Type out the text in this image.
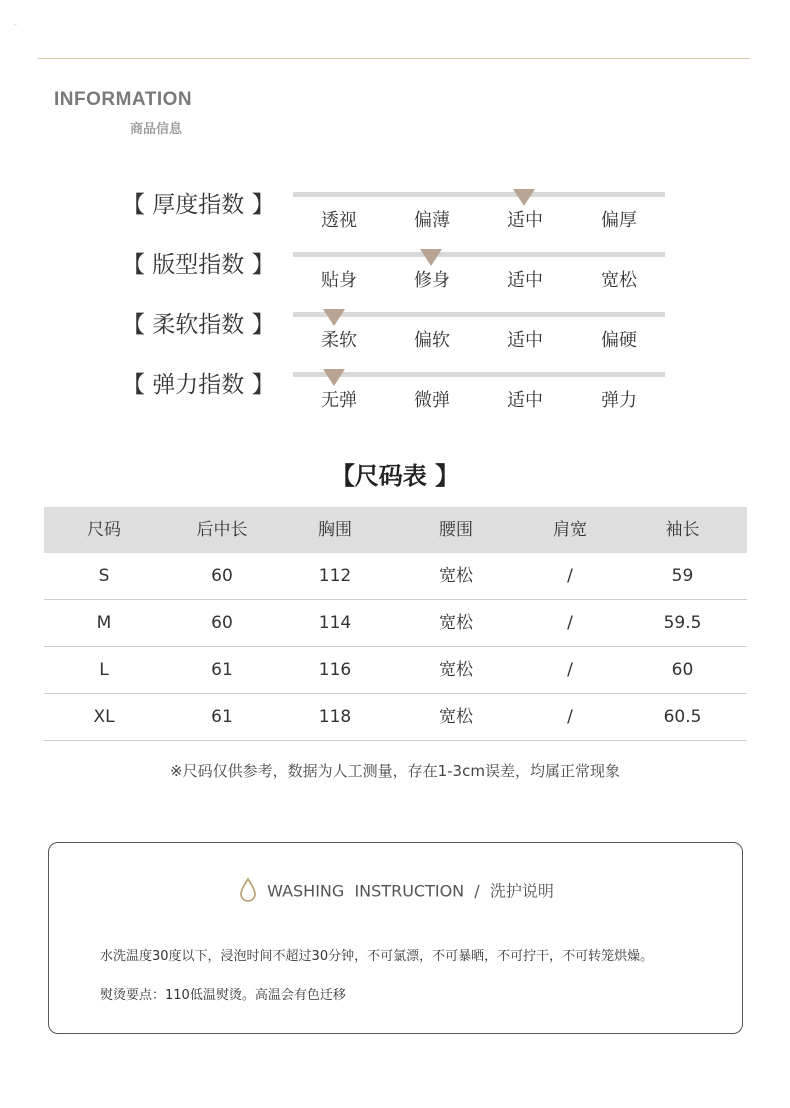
-
INFORMATION
商品信息
【 厚度指数 】
透视	偏薄	适中	偏厚
【 版型指数 】
贴身	修身	适中	宽松
【 柔软指数 】
柔软	偏软	适中	偏硬
【 弹力指数 】
无弹	微弹	适中	弹力
【尺码表 】
尺码	后中长	胸围	腰围	肩宽	袖长
S	60	112	宽松	/	59
M	60	114	宽松	/	59.5
L	61	116	宽松	/	60
XL	61	118	宽松	/	60.5
※尺码仅供参考，数据为人工测量，存在1-3cm误差，均属正常现象
WASHING  INSTRUCTION  /  洗护说明
水洗温度30度以下，浸泡时间不超过30分钟，不可氯漂，不可暴晒，不可拧干，不可转笼烘燥。
熨烫要点：110低温熨烫。高温会有色迁移
